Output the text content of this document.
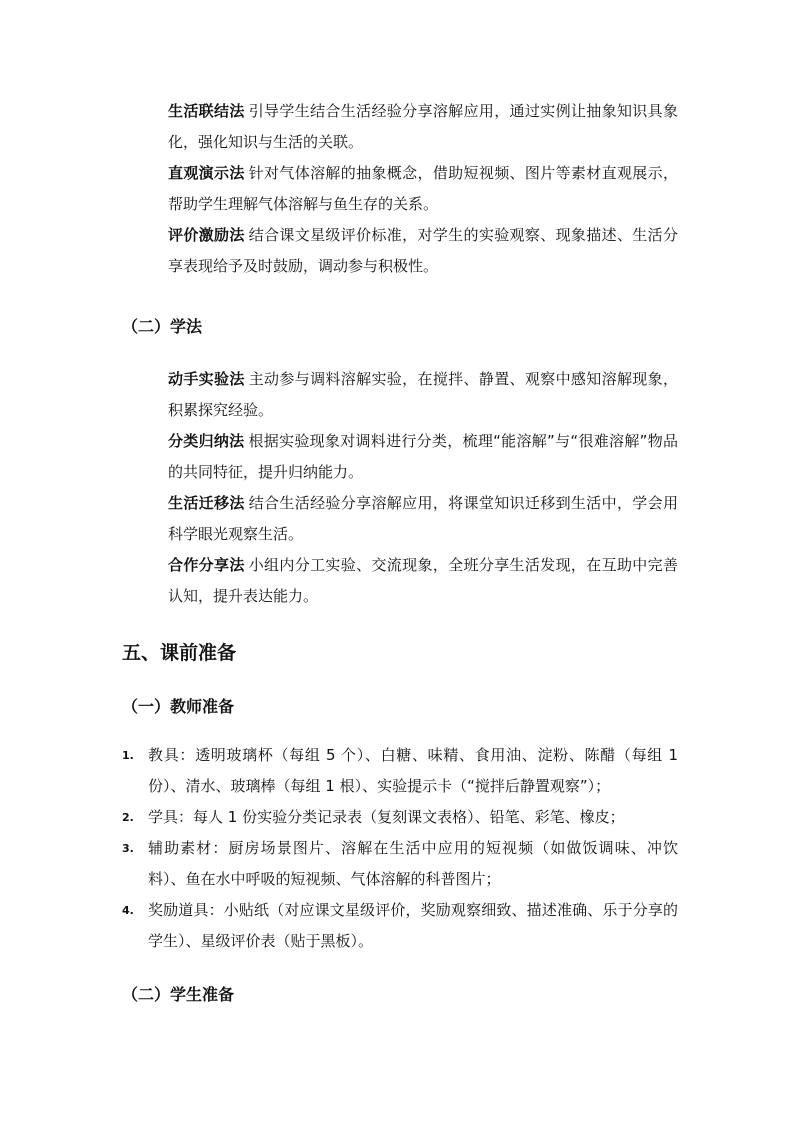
生活联结法 引导学生结合生活经验分享溶解应用，通过实例让抽象知识具象化，强化知识与生活的关联。

直观演示法 针对气体溶解的抽象概念，借助短视频、图片等素材直观展示，帮助学生理解气体溶解与鱼生存的关系。

评价激励法 结合课文星级评价标准，对学生的实验观察、现象描述、生活分享表现给予及时鼓励，调动参与积极性。

（二）学法

动手实验法 主动参与调料溶解实验，在搅拌、静置、观察中感知溶解现象，积累探究经验。

分类归纳法 根据实验现象对调料进行分类，梳理“能溶解”与“很难溶解”物品的共同特征，提升归纳能力。

生活迁移法 结合生活经验分享溶解应用，将课堂知识迁移到生活中，学会用科学眼光观察生活。

合作分享法 小组内分工实验、交流现象，全班分享生活发现，在互助中完善认知，提升表达能力。

五、课前准备
（一）教师准备
1. 教具：透明玻璃杯（每组 5 个）、白糖、味精、食用油、淀粉、陈醋（每组 1 份）、清水、玻璃棒（每组 1 根）、实验提示卡（“搅拌后静置观察”）；
2. 学具：每人 1 份实验分类记录表（复刻课文表格）、铅笔、彩笔、橡皮；
3. 辅助素材：厨房场景图片、溶解在生活中应用的短视频（如做饭调味、冲饮料）、鱼在水中呼吸的短视频、气体溶解的科普图片；
4. 奖励道具：小贴纸（对应课文星级评价，奖励观察细致、描述准确、乐于分享的学生）、星级评价表（贴于黑板）。
（二）学生准备
